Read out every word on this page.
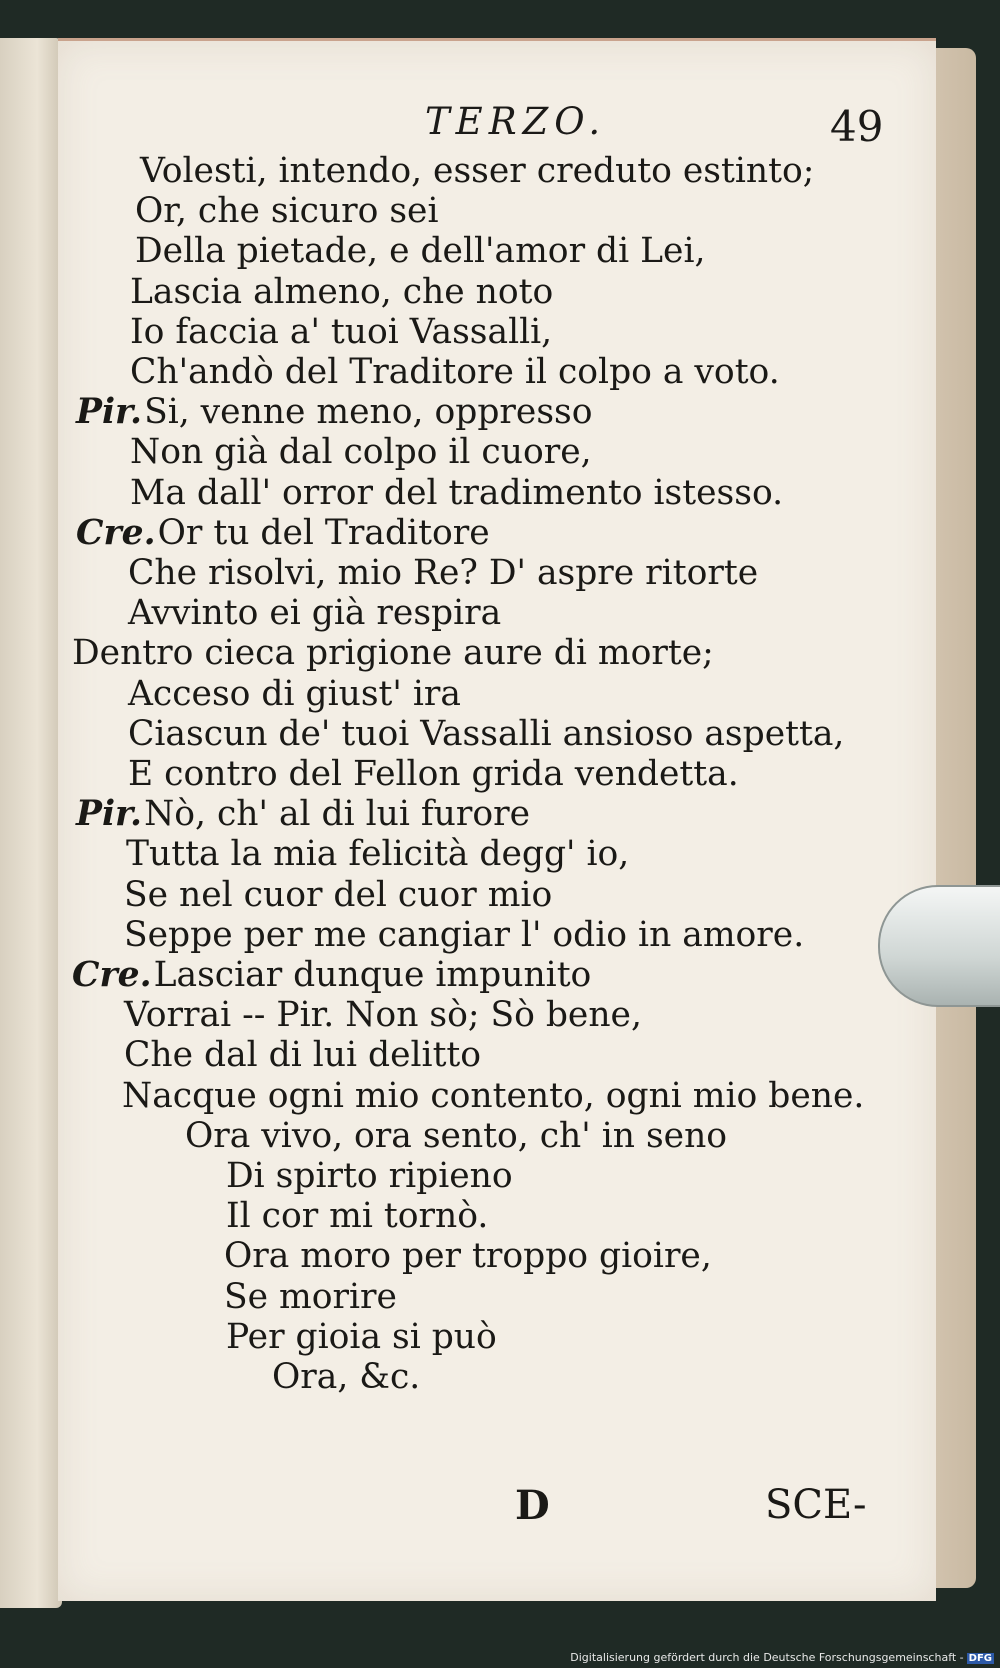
TERZO.	49
Volesti, intendo, esser creduto estinto;
Or, che sicuro sei
Della pietade, e dell'amor di Lei,
Lascia almeno, che noto
Io faccia a' tuoi Vassalli,
Ch'andò del Traditore il colpo a voto.
Pir.Si, venne meno, oppresso
Non già dal colpo il cuore,
Ma dall' orror del tradimento istesso.
Cre.Or tu del Traditore
Che risolvi, mio Re? D' aspre ritorte
Avvinto ei già respira
Dentro cieca prigione aure di morte;
Acceso di giust' ira
Ciascun de' tuoi Vassalli ansioso aspetta,
E contro del Fellon grida vendetta.
Pir.Nò, ch' al di lui furore
Tutta la mia felicità degg' io,
Se nel cuor del cuor mio
Seppe per me cangiar l' odio in amore.
Cre.Lasciar dunque impunito
Vorrai -- Pir. Non sò; Sò bene,
Che dal di lui delitto
Nacque ogni mio contento, ogni mio bene.
Ora vivo, ora sento, ch' in seno
Di spirto ripieno
Il cor mi tornò.
Ora moro per troppo gioire,
Se morire
Per gioia si può
Ora, &c.
D	SCE-
Digitalisierung gefördert durch die Deutsche Forschungsgemeinschaft - DFG
